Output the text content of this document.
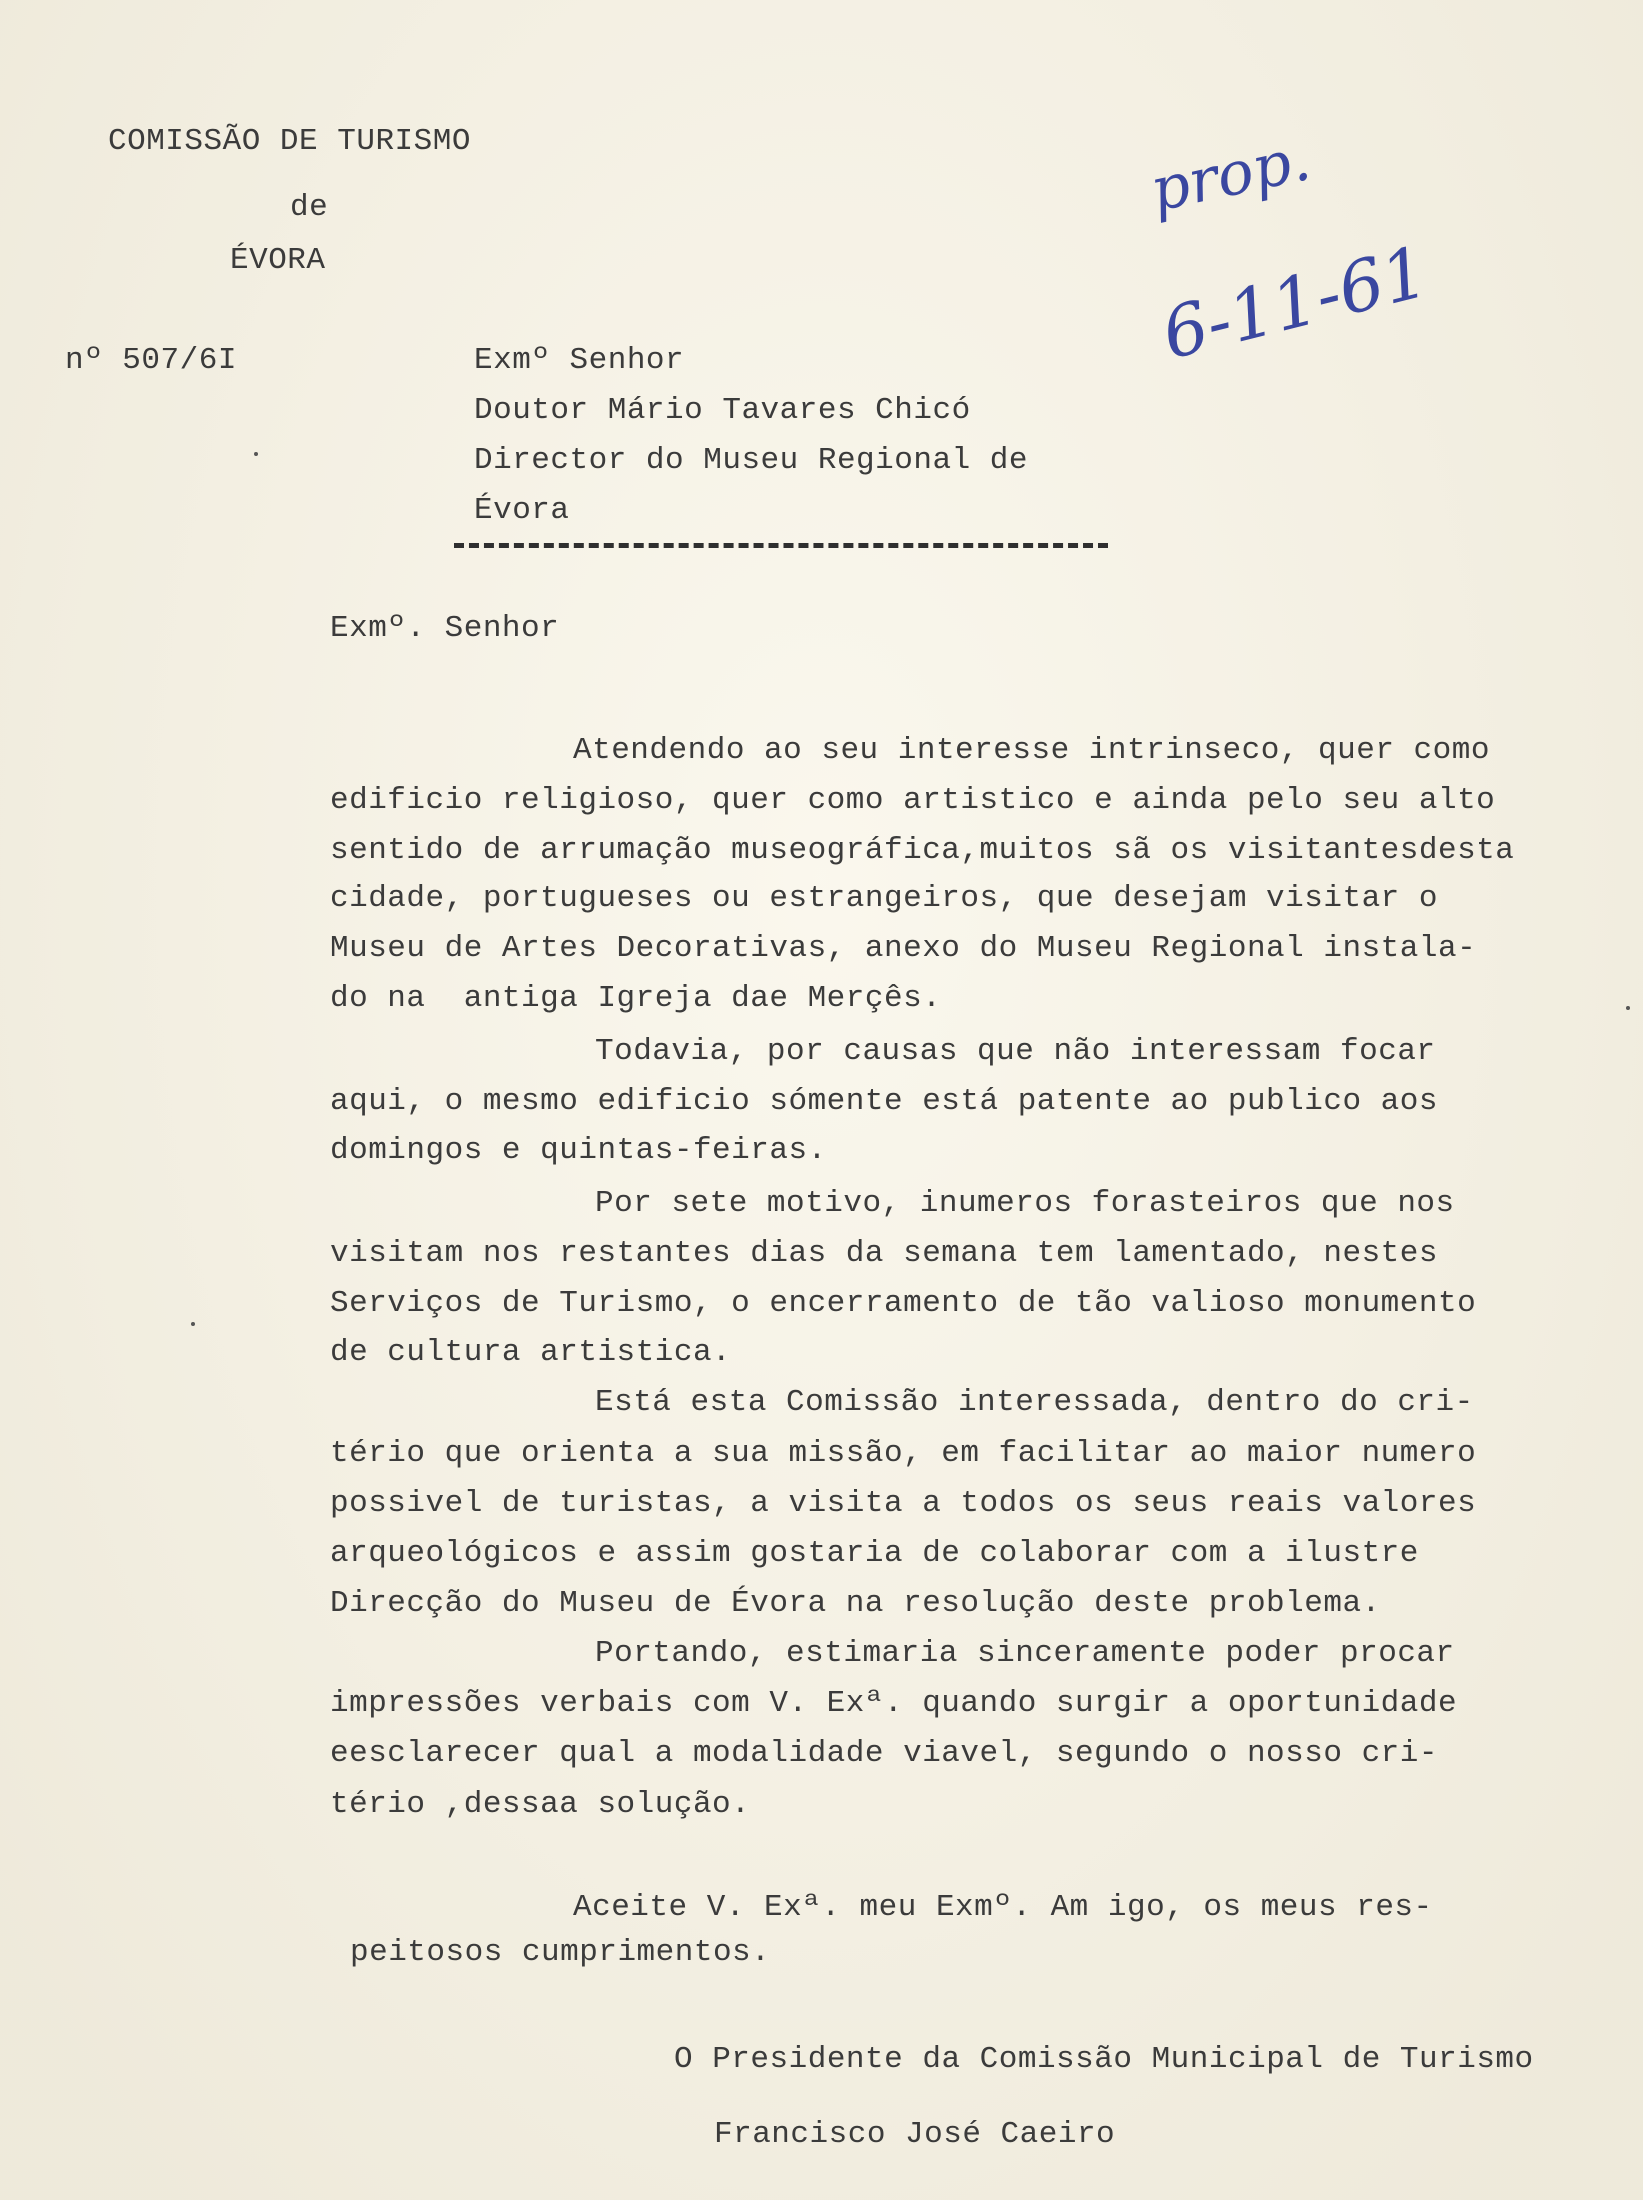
COMISSÃO DE TURISMO
de
ÉVORA
prop.
6-11-61
nº 507/6I	Exmº Senhor
Doutor Mário Tavares Chicó
Director do Museu Regional de
Évora
Exmº. Senhor
Atendendo ao seu interesse intrinseco, quer como
edificio religioso, quer como artistico e ainda pelo seu alto
sentido de arrumação museográfica,muitos sã os visitantesdesta
cidade, portugueses ou estrangeiros, que desejam visitar o
Museu de Artes Decorativas, anexo do Museu Regional instala-
do na  antiga Igreja dae Merçês.
Todavia, por causas que não interessam focar
aqui, o mesmo edificio sómente está patente ao publico aos
domingos e quintas-feiras.
Por sete motivo, inumeros forasteiros que nos
visitam nos restantes dias da semana tem lamentado, nestes
Serviços de Turismo, o encerramento de tão valioso monumento
de cultura artistica.
Está esta Comissão interessada, dentro do cri-
tério que orienta a sua missão, em facilitar ao maior numero
possivel de turistas, a visita a todos os seus reais valores
arqueológicos e assim gostaria de colaborar com a ilustre
Direcção do Museu de Évora na resolução deste problema.
Portando, estimaria sinceramente poder procar
impressões verbais com V. Exª. quando surgir a oportunidade
eesclarecer qual a modalidade viavel, segundo o nosso cri-
tério ,dessaa solução.
Aceite V. Exª. meu Exmº. Am igo, os meus res-
peitosos cumprimentos.
O Presidente da Comissão Municipal de Turismo
Francisco José Caeiro
